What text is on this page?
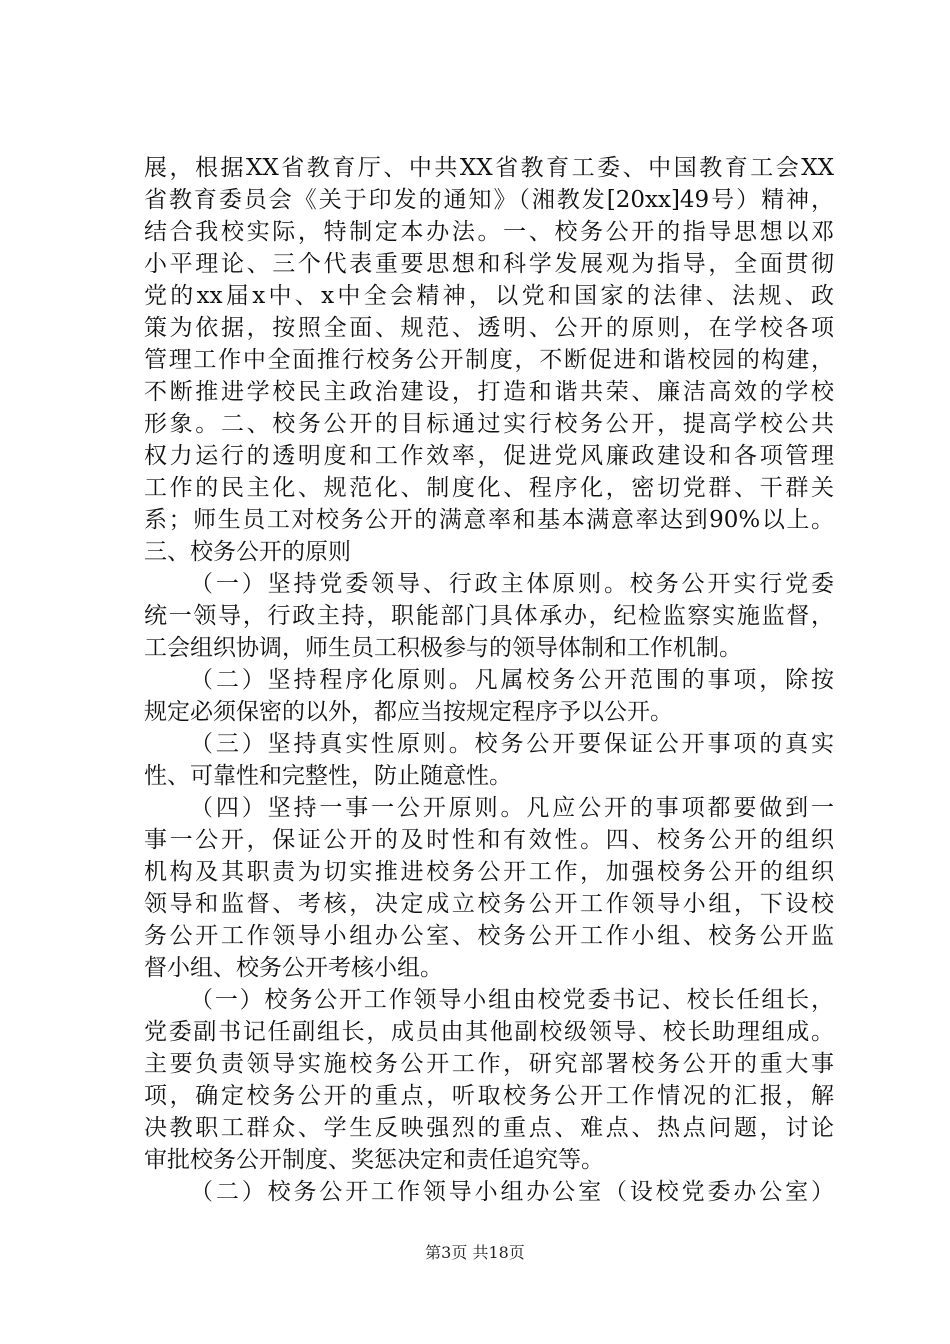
展，根据XX省教育厅、中共XX省教育工委、中国教育工会XX
省教育委员会《关于印发的通知》（湘教发[20xx]49号）精神，
结合我校实际，特制定本办法。一、校务公开的指导思想以邓
小平理论、三个代表重要思想和科学发展观为指导，全面贯彻
党的xx届x中、x中全会精神，以党和国家的法律、法规、政
策为依据，按照全面、规范、透明、公开的原则，在学校各项
管理工作中全面推行校务公开制度，不断促进和谐校园的构建，
不断推进学校民主政治建设，打造和谐共荣、廉洁高效的学校
形象。二、校务公开的目标通过实行校务公开，提高学校公共
权力运行的透明度和工作效率，促进党风廉政建设和各项管理
工作的民主化、规范化、制度化、程序化，密切党群、干群关
系；师生员工对校务公开的满意率和基本满意率达到90%以上。
三、校务公开的原则
（一）坚持党委领导、行政主体原则。校务公开实行党委
统一领导，行政主持，职能部门具体承办，纪检监察实施监督，
工会组织协调，师生员工积极参与的领导体制和工作机制。
（二）坚持程序化原则。凡属校务公开范围的事项，除按
规定必须保密的以外，都应当按规定程序予以公开。
（三）坚持真实性原则。校务公开要保证公开事项的真实
性、可靠性和完整性，防止随意性。
（四）坚持一事一公开原则。凡应公开的事项都要做到一
事一公开，保证公开的及时性和有效性。四、校务公开的组织
机构及其职责为切实推进校务公开工作，加强校务公开的组织
领导和监督、考核，决定成立校务公开工作领导小组，下设校
务公开工作领导小组办公室、校务公开工作小组、校务公开监
督小组、校务公开考核小组。
（一）校务公开工作领导小组由校党委书记、校长任组长，
党委副书记任副组长，成员由其他副校级领导、校长助理组成。
主要负责领导实施校务公开工作，研究部署校务公开的重大事
项，确定校务公开的重点，听取校务公开工作情况的汇报，解
决教职工群众、学生反映强烈的重点、难点、热点问题，讨论
审批校务公开制度、奖惩决定和责任追究等。
（二）校务公开工作领导小组办公室（设校党委办公室）
第3页 共18页
